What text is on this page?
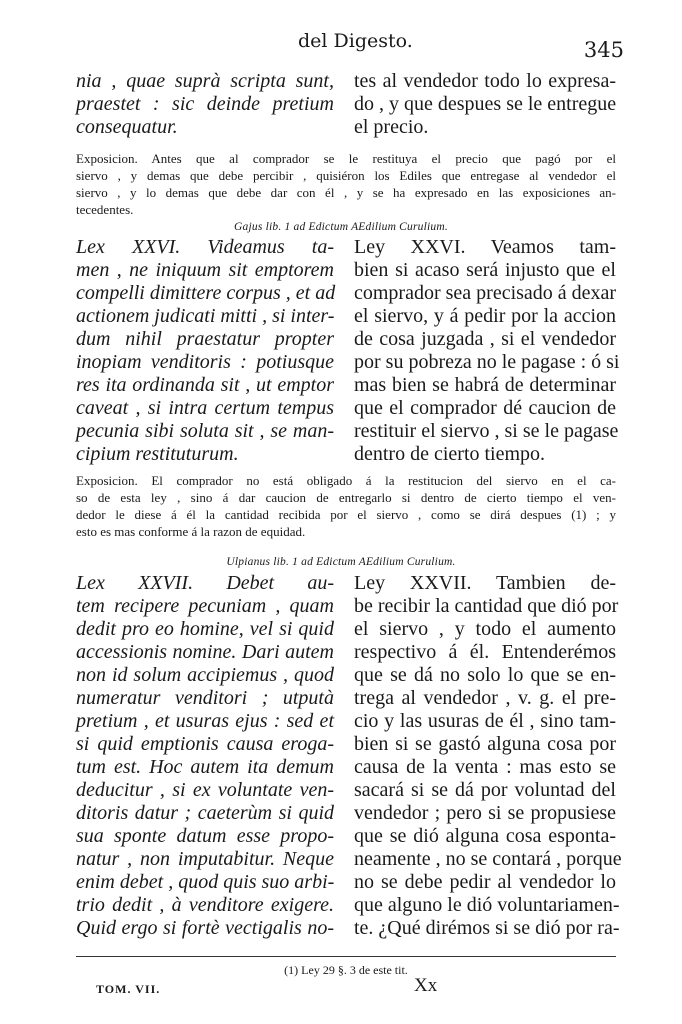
del Digesto.	345
nia , quae suprà scripta sunt,
praestet : sic deinde pretium
consequatur.
tes al vendedor todo lo expresa-
do , y que despues se le entregue
el precio.
Exposicion. Antes que al comprador se le restituya el precio que pagó por el
siervo , y demas que debe percibir , quisiéron los Ediles que entregase al vendedor el
siervo , y lo demas que debe dar con él , y se ha expresado en las exposiciones an-
tecedentes.
Gajus lib. 1 ad Edictum AEdilium Curulium.
Lex XXVI. Videamus ta-
men , ne iniquum sit emptorem
compelli dimittere corpus , et ad
actionem judicati mitti , si inter-
dum nihil praestatur propter
inopiam venditoris : potiusque
res ita ordinanda sit , ut emptor
caveat , si intra certum tempus
pecunia sibi soluta sit , se man-
cipium restituturum.
Ley XXVI. Veamos tam-
bien si acaso será injusto que el
comprador sea precisado á dexar
el siervo, y á pedir por la accion
de cosa juzgada , si el vendedor
por su pobreza no le pagase : ó si
mas bien se habrá de determinar
que el comprador dé caucion de
restituir el siervo , si se le pagase
dentro de cierto tiempo.
Exposicion. El comprador no está obligado á la restitucion del siervo en el ca-
so de esta ley , sino á dar caucion de entregarlo si dentro de cierto tiempo el ven-
dedor le diese á él la cantidad recibida por el siervo , como se dirá despues (1) ; y
esto es mas conforme á la razon de equidad.
Ulpianus lib. 1 ad Edictum AEdilium Curulium.
Lex XXVII. Debet au-
tem recipere pecuniam , quam
dedit pro eo homine, vel si quid
accessionis nomine. Dari autem
non id solum accipiemus , quod
numeratur venditori ; utputà
pretium , et usuras ejus : sed et
si quid emptionis causa eroga-
tum est. Hoc autem ita demum
deducitur , si ex voluntate ven-
ditoris datur ; caeterùm si quid
sua sponte datum esse propo-
natur , non imputabitur. Neque
enim debet , quod quis suo arbi-
trio dedit , à venditore exigere.
Quid ergo si fortè vectigalis no-
Ley XXVII. Tambien de-
be recibir la cantidad que dió por
el siervo , y todo el aumento
respectivo á él. Entenderémos
que se dá no solo lo que se en-
trega al vendedor , v. g. el pre-
cio y las usuras de él , sino tam-
bien si se gastó alguna cosa por
causa de la venta : mas esto se
sacará si se dá por voluntad del
vendedor ; pero si se propusiese
que se dió alguna cosa esponta-
neamente , no se contará , porque
no se debe pedir al vendedor lo
que alguno le dió voluntariamen-
te. ¿Qué dirémos si se dió por ra-
(1) Ley 29 §. 3 de este tit.
TOM. VII.	Xx
